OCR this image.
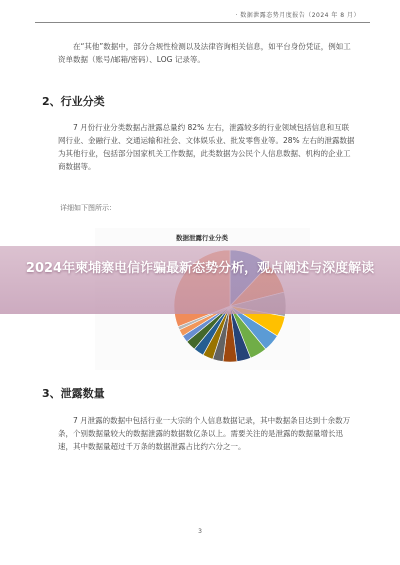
· 数据泄露态势月度报告（2024 年 8 月）
在“其他”数据中，部分合规性检测以及法律咨询相关信息，如平台身份凭证，例如工资单数据（账号/邮箱/密码）、LOG 记录等。
2、行业分类
7 月份行业分类数据占泄露总量约 82% 左右，泄露较多的行业领域包括信息和互联网行业、金融行业、交通运输和社会、文体娱乐业、批发零售业等。28% 左右的泄露数据为其他行业，包括部分国家机关工作数据，此类数据为公民个人信息数据、机构的企业工商数据等。
详细如下图所示：
数据泄露行业分类
3、泄露数量
7 月泄露的数据中包括行业一大宗的个人信息数据记录，其中数据条目达到十余数万条，个别数据量较大的数据泄露的数据数亿条以上。需要关注的是泄露的数据量增长迅速，其中数据量超过千万条的数据泄露占比约六分之一。
3
2024年柬埔寨电信诈骗最新态势分析，观点阐述与深度解读
